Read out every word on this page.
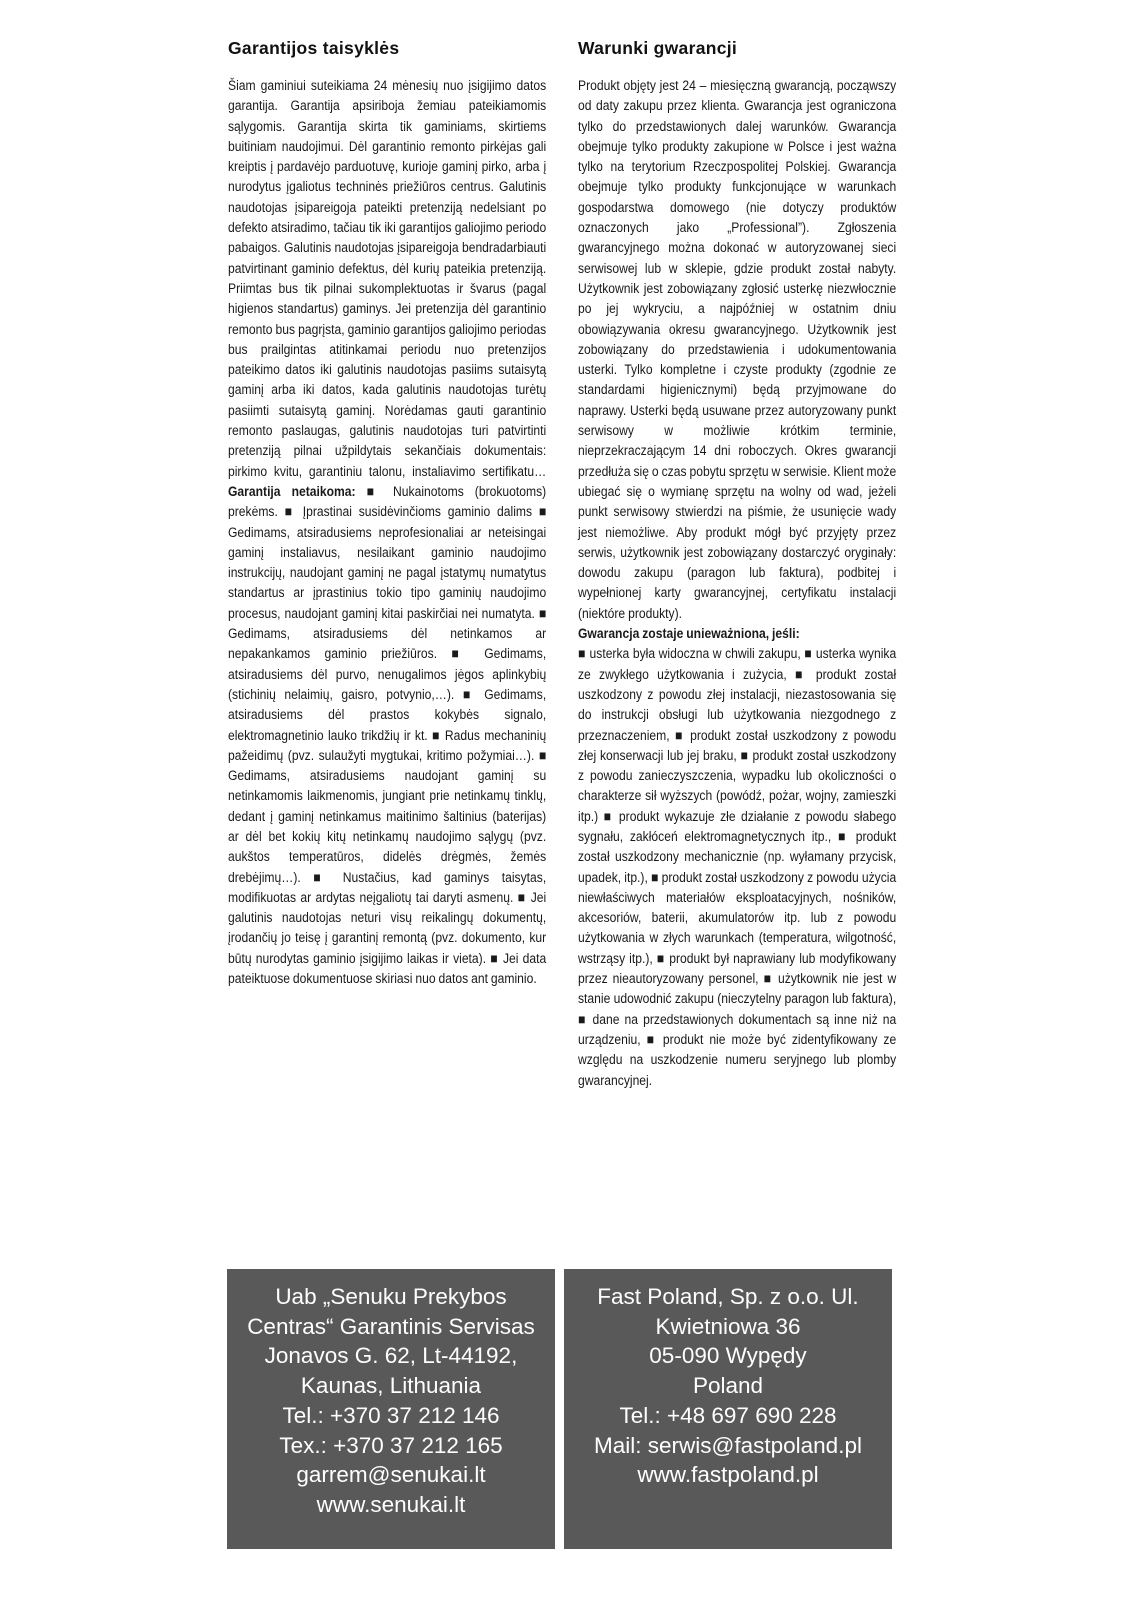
Garantijos taisyklės

Šiam gaminiui suteikiama 24 mėnesių nuo įsigijimo datos garantija. Garantija apsiriboja žemiau pateikiamomis sąlygomis. Garantija skirta tik gaminiams, skirtiems buitiniam naudojimui. Dėl garantinio remonto pirkėjas gali kreiptis į pardavėjo parduotuvę, kurioje gaminį pirko, arba į nurodytus įgaliotus techninės priežiūros centrus. Galutinis naudotojas įsipareigoja pateikti pretenziją nedelsiant po defekto atsiradimo, tačiau tik iki garantijos galiojimo periodo pabaigos. Galutinis naudotojas įsipareigoja bendradarbiauti patvirtinant gaminio defektus, dėl kurių pateikia pretenziją. Priimtas bus tik pilnai sukomplektuotas ir švarus (pagal higienos standartus) gaminys. Jei pretenzija dėl garantinio remonto bus pagrįsta, gaminio garantijos galiojimo periodas bus prailgintas atitinkamai periodu nuo pretenzijos pateikimo datos iki galutinis naudotojas pasiims sutaisytą gaminį arba iki datos, kada galutinis naudotojas turėtų pasiimti sutaisytą gaminį. Norėdamas gauti garantinio remonto paslaugas, galutinis naudotojas turi patvirtinti pretenziją pilnai užpildytais sekančiais dokumentais: pirkimo kvitu, garantiniu talonu, instaliavimo sertifikatu… Garantija netaikoma: ■ Nukainotoms (brokuotoms) prekėms. ■ Įprastinai susidėvinčioms gaminio dalims ■ Gedimams, atsiradusiems neprofesionaliai ar neteisingai gaminį instaliavus, nesilaikant gaminio naudojimo instrukcijų, naudojant gaminį ne pagal įstatymų numatytus standartus ar įprastinius tokio tipo gaminių naudojimo procesus, naudojant gaminį kitai paskirčiai nei numatyta. ■ Gedimams, atsiradusiems dėl netinkamos ar nepakankamos gaminio priežiūros. ■ Gedimams, atsiradusiems dėl purvo, nenugalimos jėgos aplinkybių (stichinių nelaimių, gaisro, potvynio,…). ■ Gedimams, atsiradusiems dėl prastos kokybės signalo, elektromagnetinio lauko trikdžių ir kt. ■ Radus mechaninių pažeidimų (pvz. sulaužyti mygtukai, kritimo požymiai…). ■ Gedimams, atsiradusiems naudojant gaminį su netinkamomis laikmenomis, jungiant prie netinkamų tinklų, dedant į gaminį netinkamus maitinimo šaltinius (baterijas) ar dėl bet kokių kitų netinkamų naudojimo sąlygų (pvz. aukštos temperatūros, didelės drėgmės, žemės drebėjimų…). ■ Nustačius, kad gaminys taisytas, modifikuotas ar ardytas neįgaliotų tai daryti asmenų. ■ Jei galutinis naudotojas neturi visų reikalingų dokumentų, įrodančių jo teisę į garantinį remontą (pvz. dokumento, kur būtų nurodytas gaminio įsigijimo laikas ir vieta). ■ Jei data pateiktuose dokumentuose skiriasi nuo datos ant gaminio.

Warunki gwarancji

Produkt objęty jest 24 – miesięczną gwarancją, począwszy od daty zakupu przez klienta. Gwarancja jest ograniczona tylko do przedstawionych dalej warunków. Gwarancja obejmuje tylko produkty zakupione w Polsce i jest ważna tylko na terytorium Rzeczpospolitej Polskiej. Gwarancja obejmuje tylko produkty funkcjonujące w warunkach gospodarstwa domowego (nie dotyczy produktów oznaczonych jako „Professional”). Zgłoszenia gwarancyjnego można dokonać w autoryzowanej sieci serwisowej lub w sklepie, gdzie produkt został nabyty. Użytkownik jest zobowiązany zgłosić usterkę niezwłocznie po jej wykryciu, a najpóźniej w ostatnim dniu obowiązywania okresu gwarancyjnego. Użytkownik jest zobowiązany do przedstawienia i udokumentowania usterki. Tylko kompletne i czyste produkty (zgodnie ze standardami higienicznymi) będą przyjmowane do naprawy. Usterki będą usuwane przez autoryzowany punkt serwisowy w możliwie krótkim terminie, nieprzekraczającym 14 dni roboczych. Okres gwarancji przedłuża się o czas pobytu sprzętu w serwisie. Klient może ubiegać się o wymianę sprzętu na wolny od wad, jeżeli punkt serwisowy stwierdzi na piśmie, że usunięcie wady jest niemożliwe. Aby produkt mógł być przyjęty przez serwis, użytkownik jest zobowiązany dostarczyć oryginały: dowodu zakupu (paragon lub faktura), podbitej i wypełnionej karty gwarancyjnej, certyfikatu instalacji (niektóre produkty).
Gwarancja zostaje unieważniona, jeśli:
■ usterka była widoczna w chwili zakupu, ■ usterka wynika ze zwykłego użytkowania i zużycia, ■ produkt został uszkodzony z powodu złej instalacji, niezastosowania się do instrukcji obsługi lub użytkowania niezgodnego z przeznaczeniem, ■ produkt został uszkodzony z powodu złej konserwacji lub jej braku, ■ produkt został uszkodzony z powodu zanieczyszczenia, wypadku lub okoliczności o charakterze sił wyższych (powódź, pożar, wojny, zamieszki itp.) ■ produkt wykazuje złe działanie z powodu słabego sygnału, zakłóceń elektromagnetycznych itp., ■ produkt został uszkodzony mechanicznie (np. wyłamany przycisk, upadek, itp.), ■ produkt został uszkodzony z powodu użycia niewłaściwych materiałów eksploatacyjnych, nośników, akcesoriów, baterii, akumulatorów itp. lub z powodu użytkowania w złych warunkach (temperatura, wilgotność, wstrząsy itp.), ■ produkt był naprawiany lub modyfikowany przez nieautoryzowany personel, ■ użytkownik nie jest w stanie udowodnić zakupu (nieczytelny paragon lub faktura), ■ dane na przedstawionych dokumentach są inne niż na urządzeniu, ■ produkt nie może być zidentyfikowany ze względu na uszkodzenie numeru seryjnego lub plomby gwarancyjnej.

Uab „Senuku Prekybos
Centras“ Garantinis Servisas
Jonavos G. 62, Lt-44192,
Kaunas, Lithuania
Tel.: +370 37 212 146
Tex.: +370 37 212 165
garrem@senukai.lt
www.senukai.lt
Fast Poland, Sp. z o.o. Ul.
Kwietniowa 36
05-090 Wypędy
Poland
Tel.: +48 697 690 228
Mail: serwis@fastpoland.pl
www.fastpoland.pl
